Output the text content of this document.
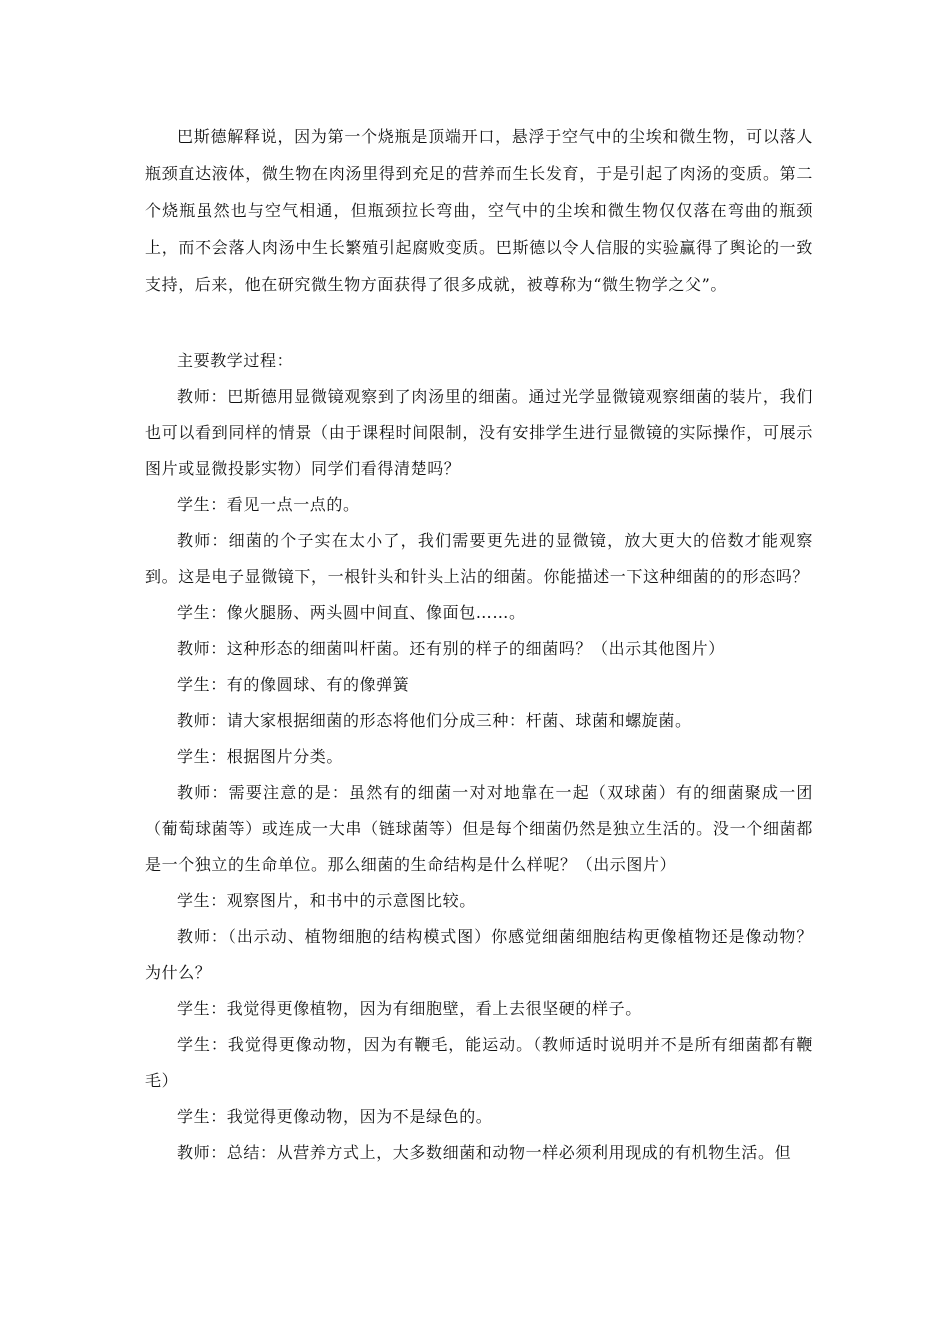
巴斯德解释说，因为第一个烧瓶是顶端开口，悬浮于空气中的尘埃和微生物，可以落人瓶颈直达液体，微生物在肉汤里得到充足的营养而生长发育，于是引起了肉汤的变质。第二个烧瓶虽然也与空气相通，但瓶颈拉长弯曲，空气中的尘埃和微生物仅仅落在弯曲的瓶颈上，而不会落人肉汤中生长繁殖引起腐败变质。巴斯德以令人信服的实验赢得了舆论的一致支持，后来，他在研究微生物方面获得了很多成就，被尊称为“微生物学之父”。

主要教学过程：

教师：巴斯德用显微镜观察到了肉汤里的细菌。通过光学显微镜观察细菌的装片，我们也可以看到同样的情景（由于课程时间限制，没有安排学生进行显微镜的实际操作，可展示图片或显微投影实物）同学们看得清楚吗？

学生：看见一点一点的。

教师：细菌的个子实在太小了，我们需要更先进的显微镜，放大更大的倍数才能观察到。这是电子显微镜下，一根针头和针头上沾的细菌。你能描述一下这种细菌的的形态吗？

学生：像火腿肠、两头圆中间直、像面包……。

教师：这种形态的细菌叫杆菌。还有别的样子的细菌吗？（出示其他图片）

学生：有的像圆球、有的像弹簧

教师：请大家根据细菌的形态将他们分成三种：杆菌、球菌和螺旋菌。

学生：根据图片分类。

教师：需要注意的是：虽然有的细菌一对对地靠在一起（双球菌）有的细菌聚成一团（葡萄球菌等）或连成一大串（链球菌等）但是每个细菌仍然是独立生活的。没一个细菌都是一个独立的生命单位。那么细菌的生命结构是什么样呢？（出示图片）

学生：观察图片，和书中的示意图比较。

教师：（出示动、植物细胞的结构模式图）你感觉细菌细胞结构更像植物还是像动物？为什么？

学生：我觉得更像植物，因为有细胞壁，看上去很坚硬的样子。

学生：我觉得更像动物，因为有鞭毛，能运动。（教师适时说明并不是所有细菌都有鞭毛）

学生：我觉得更像动物，因为不是绿色的。

教师：总结：从营养方式上，大多数细菌和动物一样必须利用现成的有机物生活。但
